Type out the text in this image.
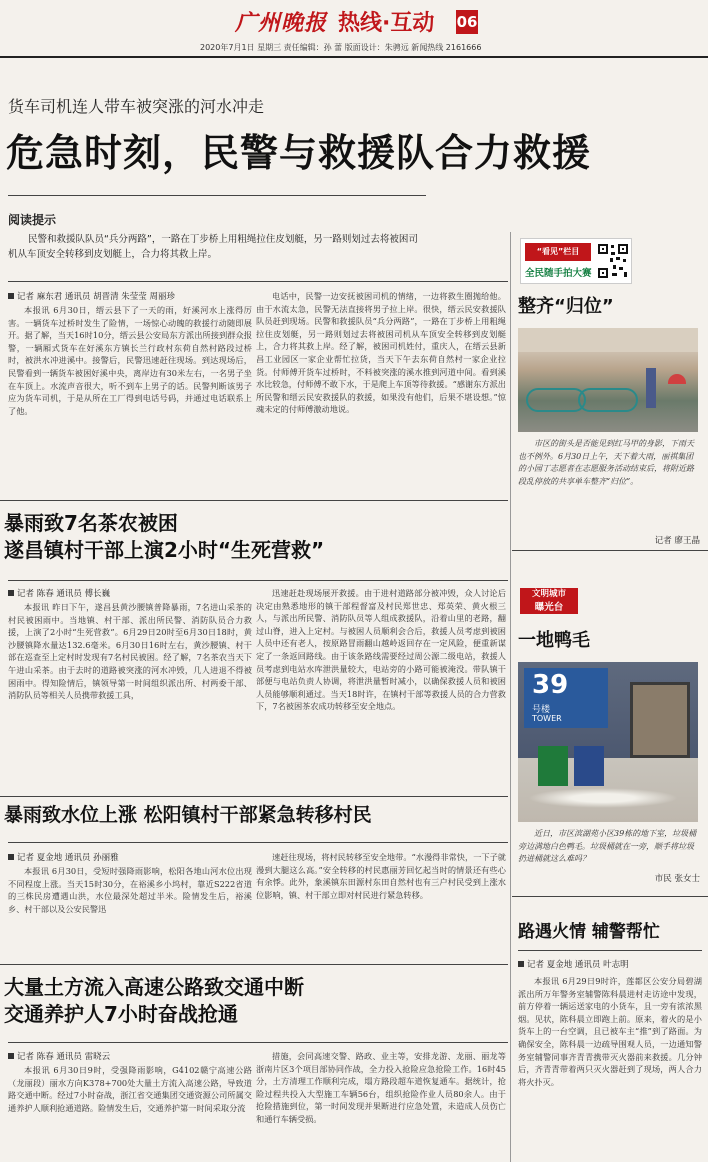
广州晚报 热线·互动 06
2020年7月1日 星期三 责任编辑：孙 蕾 版面设计：朱骋远 新闻热线 2161666
货车司机连人带车被突涨的河水冲走
危急时刻，民警与救援队合力救援
阅读提示
民警和救援队队员“兵分两路”，一路在丁步桥上用粗绳拉住皮划艇，另一路则划过去将被困司机从车顶安全转移到皮划艇上，合力将其救上岸。
记者 麻东君 通讯员 胡晋清 朱莹莹 周丽珍
本报讯 6月30日，缙云县下了一天的雨，好溪河水上涨得厉害。一辆货车过桥时发生了险情，一场惊心动魄的救援行动随即展开。据了解，当天16时10分，缙云县公安局东方派出所接到群众报警，一辆厢式货车在好溪东方镇长兰行政村东荷自然村路段过桥时，被洪水冲进溪中。接警后，民警迅速赶往现场。到达现场后，民警看到一辆货车被困好溪中央，离岸边有30米左右，一名男子坐在车顶上。水流声音很大，听不到车上男子的话。民警判断该男子应为货车司机，于是从所在工厂得到电话号码，并通过电话联系上了他。
电话中，民警一边安抚被困司机的情绪，一边将救生圈抛给他。由于水流太急，民警无法直接将男子拉上岸。很快，缙云民安救援队队员赶到现场。民警和救援队员“兵分两路”，一路在丁步桥上用粗绳拉住皮划艇，另一路则划过去将被困司机从车顶安全转移到皮划艇上，合力将其救上岸。经了解，被困司机姓付，重庆人，在缙云县新昌工业园区一家企业帮忙拉货，当天下午去东荷自然村一家企业拉货。付师傅开货车过桥时，不料被突涨的溪水推到河道中间。看到溪水比较急，付师傅不敢下水，于是爬上车顶等待救援。“感谢东方派出所民警和缙云民安救援队的救援，如果没有他们，后果不堪设想。”惊魂未定的付师傅激动地说。
暴雨致7名茶农被困
遂昌镇村干部上演2小时“生死营救”
记者 陈春 通讯员 傅长巍
本报讯 昨日下午，遂昌县黄沙腰镇普降暴雨，7名进山采茶的村民被困雨中。当地镇、村干部、派出所民警、消防队员合力救援，上演了2小时“生死营救”。6月29日20时至6月30日18时，黄沙腰镇降水量达132.6毫米。6月30日16时左右，黄沙腰镇、村干部在巡查至上定村时发现有7名村民被困。经了解，7名茶农当天下午进山采茶。由于去时的道路被突涨的河水冲毁，几人进退不得被困雨中。得知险情后，镇领导第一时间组织派出所、村两委干部、消防队员等相关人员携带救援工具，
迅速赶赴现场展开救援。由于进村道路部分被冲毁，众人讨论后决定由熟悉地形的镇干部程督富及村民郑世忠、郑英荣、黄火根三人，与派出所民警、消防队员等人组成救援队，沿着山里的老路，翻过山脊，进入上定村。与被困人员顺利会合后，救援人员考虑到被困人员中还有老人，按原路冒雨翻山越岭返回存在一定风险，便重新谋定了一条返回路线。由于该条路线需要经过周公源二级电站，救援人员考虑到电站水库泄洪量较大，电站旁的小路可能被淹没。带队镇干部便与电站负责人协调，将泄洪量暂时减小，以确保救援人员和被困人员能够顺利通过。当天18时许，在镇村干部等救援人员的合力营救下，7名被困茶农成功转移至安全地点。
暴雨致水位上涨 松阳镇村干部紧急转移村民
记者 夏金地 通讯员 孙丽雅
本报讯 6月30日，受短时强降雨影响，松阳各地山河水位出现不同程度上涨。当天15时30分，在裕溪乡小坞村，靠近S222省道的三株民房遭遇山洪，水位最深处超过半米。险情发生后，裕溪乡、村干部以及公安民警迅
速赶往现场，将村民转移至安全地带。“水漫得非常快，一下子就漫到大腿这么高。”安全转移的村民惠丽芳回忆起当时的情景还有些心有余悸。此外，象溪镇东田源村东田自然村也有三户村民受到上涨水位影响，镇、村干部立即对村民进行紧急转移。
大量土方流入高速公路致交通中断
交通养护人7小时奋战抢通
记者 陈春 通讯员 雷晓云
本报讯 6月30日9时，受强降雨影响，G4102赣宁高速公路（龙丽段）丽水方向K378+700处大量土方流入高速公路，导致道路交通中断。经过7小时奋战，浙江省交通集团交通资源公司所属交通养护人顺利抢通道路。险情发生后，交通养护第一时间采取分流
措施，会同高速交警、路政、业主等，安排龙游、龙丽、丽龙等浙南片区3个项目部协同作战，全力投入抢险应急抢险工作。16时45分，土方清理工作顺利完成，塌方路段超车道恢复通车。据统计，抢险过程共投入大型施工车辆56台，组织抢险作业人员80余人。由于抢险措施到位，第一时间发现并果断进行应急处置，未造成人员伤亡和通行车辆受损。
“看见”栏目
全民随手拍大赛
整齐“归位”
市区的街头是否能见到红马甲的身影，下雨天也不例外。6月30日上午，天下着大雨，丽祺集团的小园丁志愿者在志愿服务活动结束后，将附近路段乱停放的共享单车整齐“归位”。
记者 廖王晶
文明城市
曝光台
一地鸭毛
39
号楼
TOWER
近日，市区滨湖苑小区39栋的地下室，垃圾桶旁边满地白色鸭毛。垃圾桶就在一旁，顺手将垃圾扔进桶就这么难吗？
市民 张女士
路遇火情 辅警帮忙
记者 夏金地 通讯员 叶志明
本报讯 6月29日9时许，莲都区公安分局碧湖派出所万年警务室辅警陈科晨进村走访途中发现，前方停着一辆运送家电的小货车，且一旁有浓浓黑烟。见状，陈科晨立即跑上前。原来，着火的是小货车上的一台空调，且已被车主“推”到了路面。为确保安全，陈科晨一边疏导围观人员，一边通知警务室辅警同事齐青青携带灭火器前来救援。几分钟后，齐青青带着两只灭火器赶到了现场，两人合力将火扑灭。
